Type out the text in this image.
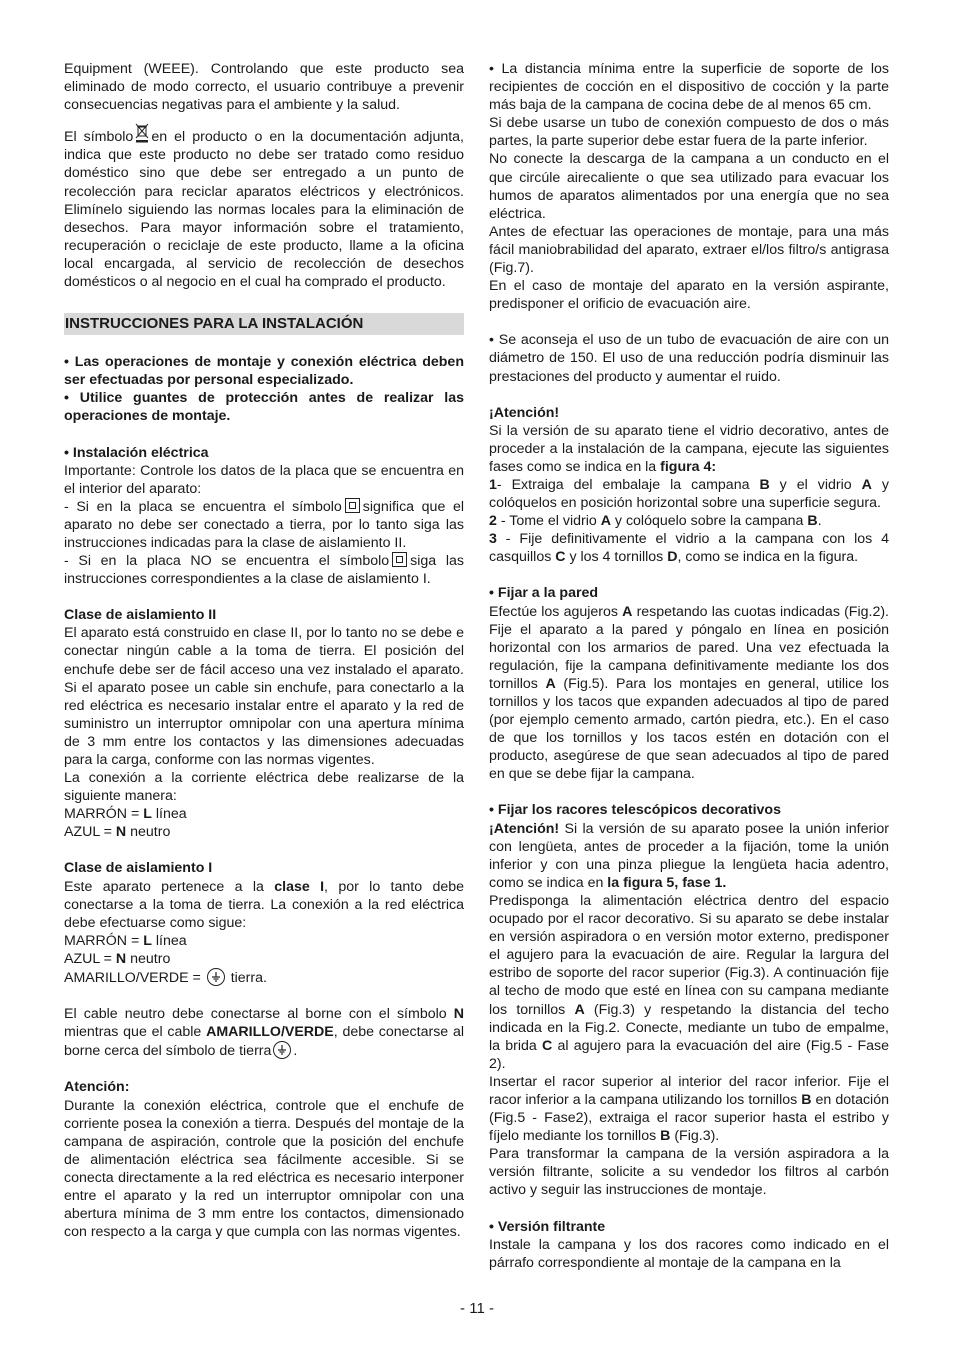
Equipment (WEEE). Controlando que este producto sea eliminado de modo correcto, el usuario contribuye a prevenir consecuencias negativas para el ambiente y la salud.

El símbolo en el producto o en la documentación adjunta, indica que este producto no debe ser tratado como residuo doméstico sino que debe ser entregado a un punto de recolección para reciclar aparatos eléctricos y electrónicos. Elimínelo siguiendo las normas locales para la eliminación de desechos. Para mayor información sobre el tratamiento, recuperación o reciclaje de este producto, llame a la oficina local encargada, al servicio de recolección de desechos domésticos o al negocio en el cual ha comprado el producto.

INSTRUCCIONES PARA LA INSTALACIÓN

• Las operaciones de montaje y conexión eléctrica deben ser efectuadas por personal especializado.

• Utilice guantes de protección antes de realizar las operaciones de montaje.

• Instalación eléctrica

Importante: Controle los datos de la placa que se encuentra en el interior del aparato:

- Si en la placa se encuentra el símbolo significa que el aparato no debe ser conectado a tierra, por lo tanto siga las instrucciones indicadas para la clase de aislamiento II.

- Si en la placa NO se encuentra el símbolo siga las instrucciones correspondientes a la clase de aislamiento I.

Clase de aislamiento II

El aparato está construido en clase II, por lo tanto no se debe e conectar ningún cable a la toma de tierra. El posición del enchufe debe ser de fácil acceso una vez instalado el aparato. Si el aparato posee un cable sin enchufe, para conectarlo a la red eléctrica es necesario instalar entre el aparato y la red de suministro un interruptor omnipolar con una apertura mínima de 3 mm entre los contactos y las dimensiones adecuadas para la carga, conforme con las normas vigentes.

La conexión a la corriente eléctrica debe realizarse de la siguiente manera:

MARRÓN = L línea

AZUL = N neutro

Clase de aislamiento I

Este aparato pertenece a la clase I, por lo tanto debe conectarse a la toma de tierra. La conexión a la red eléctrica debe efectuarse como sigue:

MARRÓN = L línea

AZUL = N neutro

AMARILLO/VERDE =
tierra.

El cable neutro debe conectarse al borne con el símbolo N mientras que el cable AMARILLO/VERDE, debe conectarse al borne cerca del símbolo de tierra .

Atención:

Durante la conexión eléctrica, controle que el enchufe de corriente posea la conexión a tierra. Después del montaje de la campana de aspiración, controle que la posición del enchufe de alimentación eléctrica sea fácilmente accesible. Si se conecta directamente a la red eléctrica es necesario interponer entre el aparato y la red un interruptor omnipolar con una abertura mínima de 3 mm entre los contactos, dimensionado con respecto a la carga y que cumpla con las normas vigentes.

• La distancia mínima entre la superficie de soporte de los recipientes de cocción en el dispositivo de cocción y la parte más baja de la campana de cocina debe de al menos 65 cm.

Si debe usarse un tubo de conexión compuesto de dos o más partes, la parte superior debe estar fuera de la parte inferior.

No conecte la descarga de la campana a un conducto en el que circúle airecaliente o que sea utilizado para evacuar los humos de aparatos alimentados por una energía que no sea eléctrica.

Antes de efectuar las operaciones de montaje, para una más fácil maniobrabilidad del aparato, extraer el/los filtro/s antigrasa (Fig.7).

En el caso de montaje del aparato en la versión aspirante, predisponer el orificio de evacuación aire.

• Se aconseja el uso de un tubo de evacuación de aire con un diámetro de 150. El uso de una reducción podría disminuir las prestaciones del producto y aumentar el ruido.

¡Atención!

Si la versión de su aparato tiene el vidrio decorativo, antes de proceder a la instalación de la campana, ejecute las siguientes fases como se indica en la figura 4:

1- Extraiga del embalaje la campana B y el vidrio A y colóquelos en posición horizontal sobre una superficie segura.

2 - Tome el vidrio A y colóquelo sobre la campana B.

3 - Fije definitivamente el vidrio a la campana con los 4 casquillos C y los 4 tornillos D, como se indica en la figura.

• Fijar a la pared

Efectúe los agujeros A respetando las cuotas indicadas (Fig.2). Fije el aparato a la pared y póngalo en línea en posición horizontal con los armarios de pared. Una vez efectuada la regulación, fije la campana definitivamente mediante los dos tornillos A (Fig.5). Para los montajes en general, utilice los tornillos y los tacos que expanden adecuados al tipo de pared (por ejemplo cemento armado, cartón piedra, etc.). En el caso de que los tornillos y los tacos estén en dotación con el producto, asegúrese de que sean adecuados al tipo de pared en que se debe fijar la campana.

• Fijar los racores telescópicos decorativos

¡Atención! Si la versión de su aparato posee la unión inferior con lengüeta, antes de proceder a la fijación, tome la unión inferior y con una pinza pliegue la lengüeta hacia adentro, como se indica en la figura 5, fase 1.

Predisponga la alimentación eléctrica dentro del espacio ocupado por el racor decorativo. Si su aparato se debe instalar en versión aspiradora o en versión motor externo, predisponer el agujero para la evacuación de aire. Regular la largura del estribo de soporte del racor superior (Fig.3). A continuación fije al techo de modo que esté en línea con su campana mediante los tornillos A (Fig.3) y respetando la distancia del techo indicada en la Fig.2. Conecte, mediante un tubo de empalme, la brida C al agujero para la evacuación del aire (Fig.5 - Fase 2).

Insertar el racor superior al interior del racor inferior. Fije el racor inferior a la campana utilizando los tornillos B en dotación (Fig.5 - Fase2), extraiga el racor superior hasta el estribo y fíjelo mediante los tornillos B (Fig.3).

Para transformar la campana de la versión aspiradora a la versión filtrante, solicite a su vendedor los filtros al carbón activo y seguir las instrucciones de montaje.

• Versión filtrante

Instale la campana y los dos racores como indicado en el párrafo correspondiente al montaje de la campana en la

- 11 -
